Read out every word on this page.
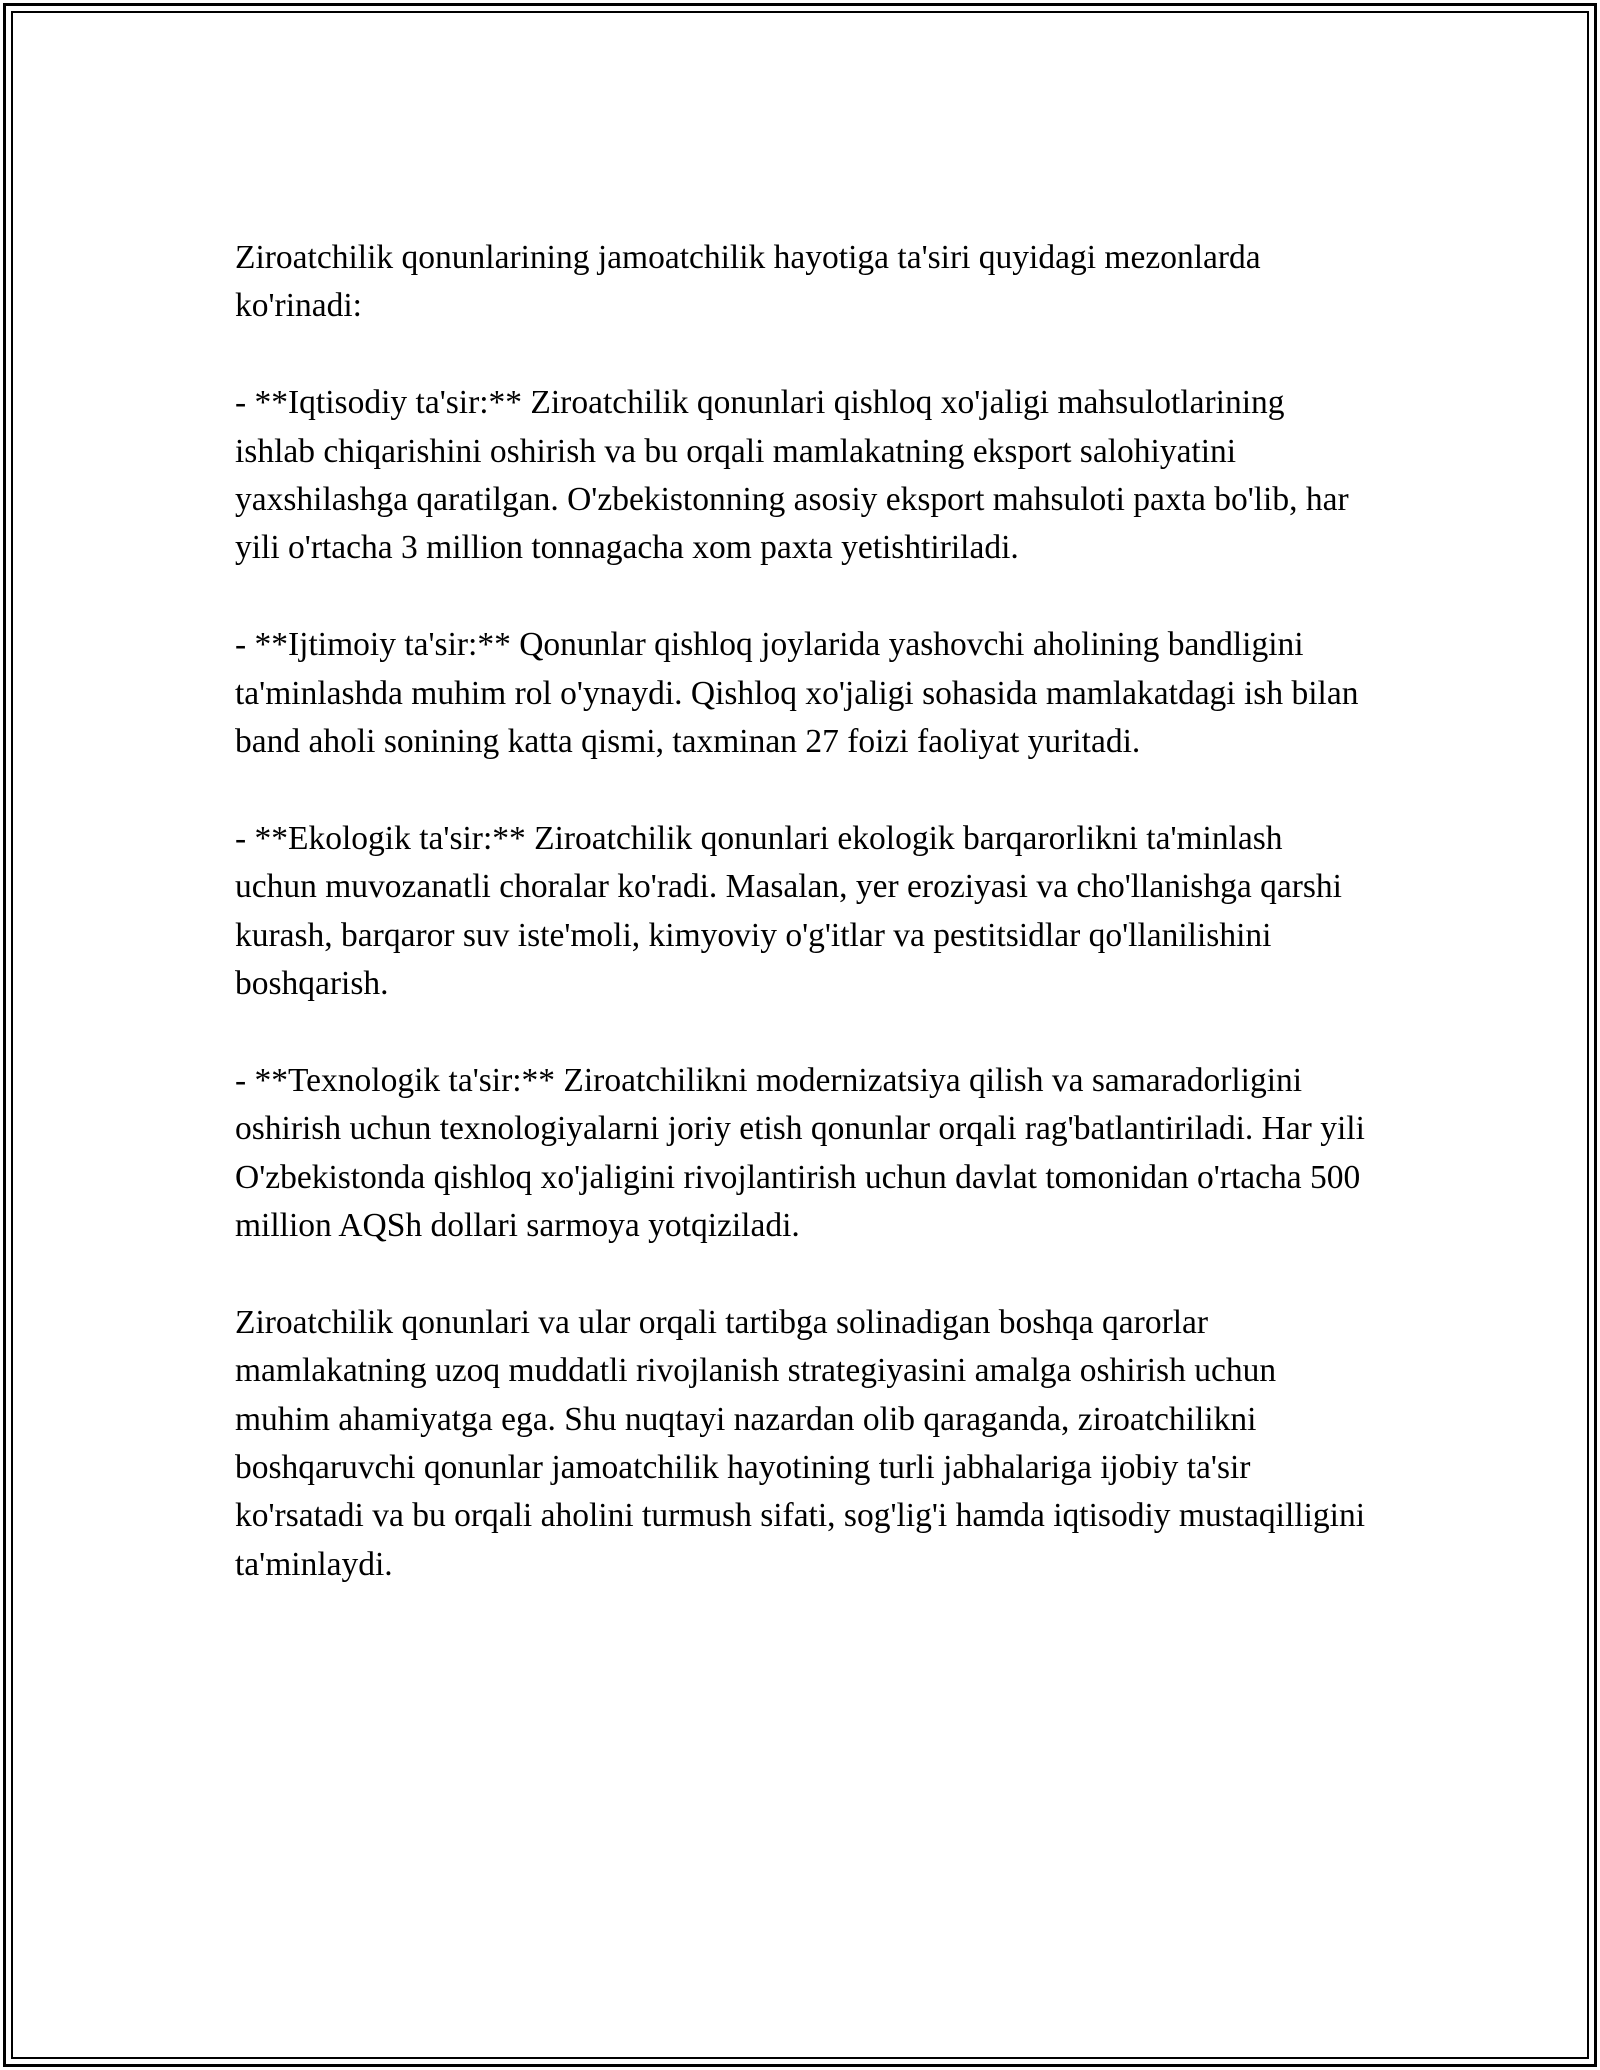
Ziroatchilik qonunlarining jamoatchilik hayotiga ta'siri quyidagi mezonlarda ko'rinadi:

- **Iqtisodiy ta'sir:** Ziroatchilik qonunlari qishloq xo'jaligi mahsulotlarining ishlab chiqarishini oshirish va bu orqali mamlakatning eksport salohiyatini yaxshilashga qaratilgan. O'zbekistonning asosiy eksport mahsuloti paxta bo'lib, har yili o'rtacha 3 million tonnagacha xom paxta yetishtiriladi.

- **Ijtimoiy ta'sir:** Qonunlar qishloq joylarida yashovchi aholining bandligini ta'minlashda muhim rol o'ynaydi. Qishloq xo'jaligi sohasida mamlakatdagi ish bilan band aholi sonining katta qismi, taxminan 27 foizi faoliyat yuritadi.

- **Ekologik ta'sir:** Ziroatchilik qonunlari ekologik barqarorlikni ta'minlash uchun muvozanatli choralar ko'radi. Masalan, yer eroziyasi va cho'llanishga qarshi kurash, barqaror suv iste'moli, kimyoviy o'g'itlar va pestitsidlar qo'llanilishini boshqarish.

- **Texnologik ta'sir:** Ziroatchilikni modernizatsiya qilish va samaradorligini oshirish uchun texnologiyalarni joriy etish qonunlar orqali rag'batlantiriladi. Har yili O'zbekistonda qishloq xo'jaligini rivojlantirish uchun davlat tomonidan o'rtacha 500 million AQSh dollari sarmoya yotqiziladi.

Ziroatchilik qonunlari va ular orqali tartibga solinadigan boshqa qarorlar mamlakatning uzoq muddatli rivojlanish strategiyasini amalga oshirish uchun muhim ahamiyatga ega. Shu nuqtayi nazardan olib qaraganda, ziroatchilikni boshqaruvchi qonunlar jamoatchilik hayotining turli jabhalariga ijobiy ta'sir ko'rsatadi va bu orqali aholini turmush sifati, sog'lig'i hamda iqtisodiy mustaqilligini ta'minlaydi.
